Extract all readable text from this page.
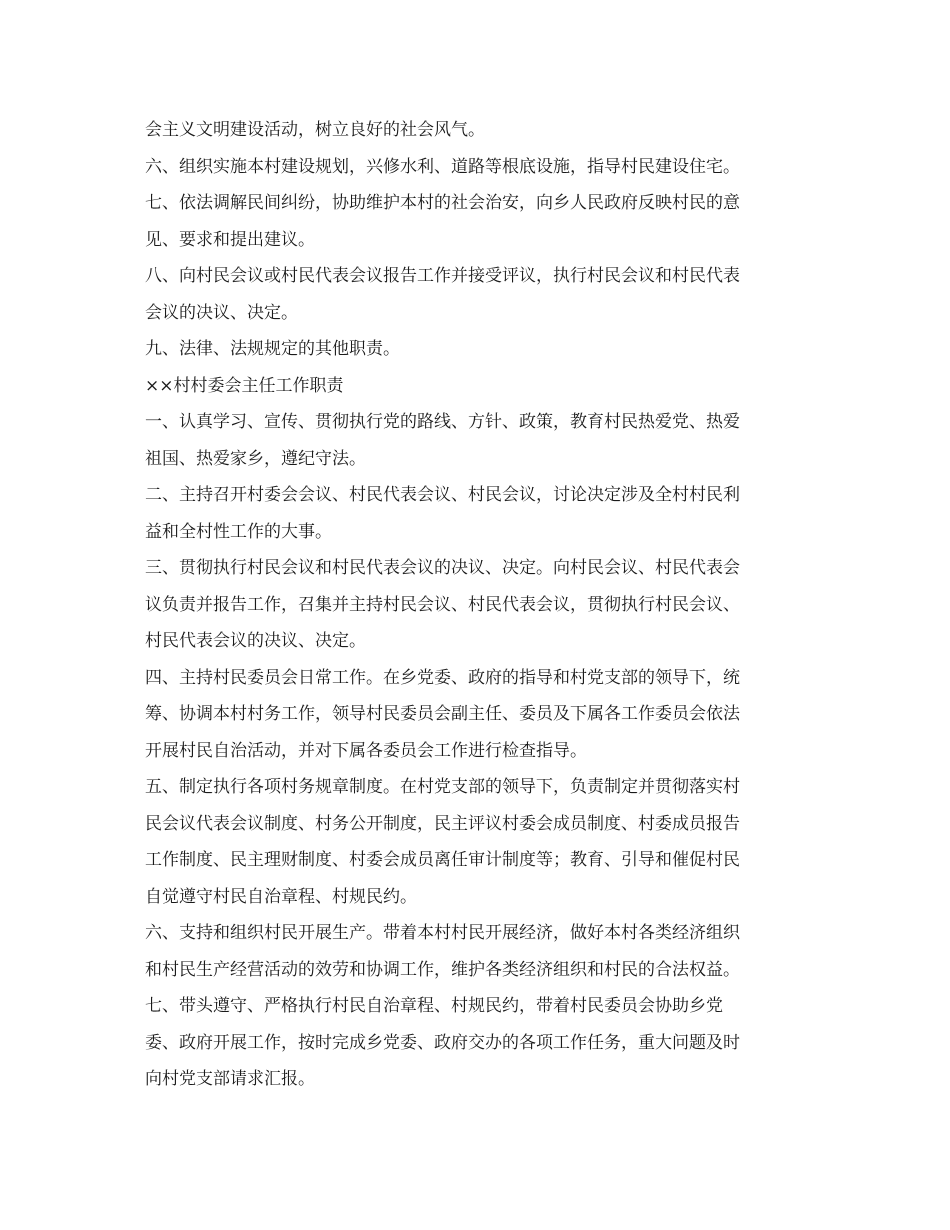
会主义文明建设活动，树立良好的社会风气。
六、组织实施本村建设规划，兴修水利、道路等根底设施，指导村民建设住宅。
七、依法调解民间纠纷，协助维护本村的社会治安，向乡人民政府反映村民的意
见、要求和提出建议。
八、向村民会议或村民代表会议报告工作并接受评议，执行村民会议和村民代表
会议的决议、决定。
九、法律、法规规定的其他职责。
××村村委会主任工作职责
一、认真学习、宣传、贯彻执行党的路线、方针、政策，教育村民热爱党、热爱
祖国、热爱家乡，遵纪守法。
二、主持召开村委会会议、村民代表会议、村民会议，讨论决定涉及全村村民利
益和全村性工作的大事。
三、贯彻执行村民会议和村民代表会议的决议、决定。向村民会议、村民代表会
议负责并报告工作，召集并主持村民会议、村民代表会议，贯彻执行村民会议、
村民代表会议的决议、决定。
四、主持村民委员会日常工作。在乡党委、政府的指导和村党支部的领导下，统
筹、协调本村村务工作，领导村民委员会副主任、委员及下属各工作委员会依法
开展村民自治活动，并对下属各委员会工作进行检查指导。
五、制定执行各项村务规章制度。在村党支部的领导下，负责制定并贯彻落实村
民会议代表会议制度、村务公开制度，民主评议村委会成员制度、村委成员报告
工作制度、民主理财制度、村委会成员离任审计制度等；教育、引导和催促村民
自觉遵守村民自治章程、村规民约。
六、支持和组织村民开展生产。带着本村村民开展经济，做好本村各类经济组织
和村民生产经营活动的效劳和协调工作，维护各类经济组织和村民的合法权益。
七、带头遵守、严格执行村民自治章程、村规民约，带着村民委员会协助乡党
委、政府开展工作，按时完成乡党委、政府交办的各项工作任务，重大问题及时
向村党支部请求汇报。
